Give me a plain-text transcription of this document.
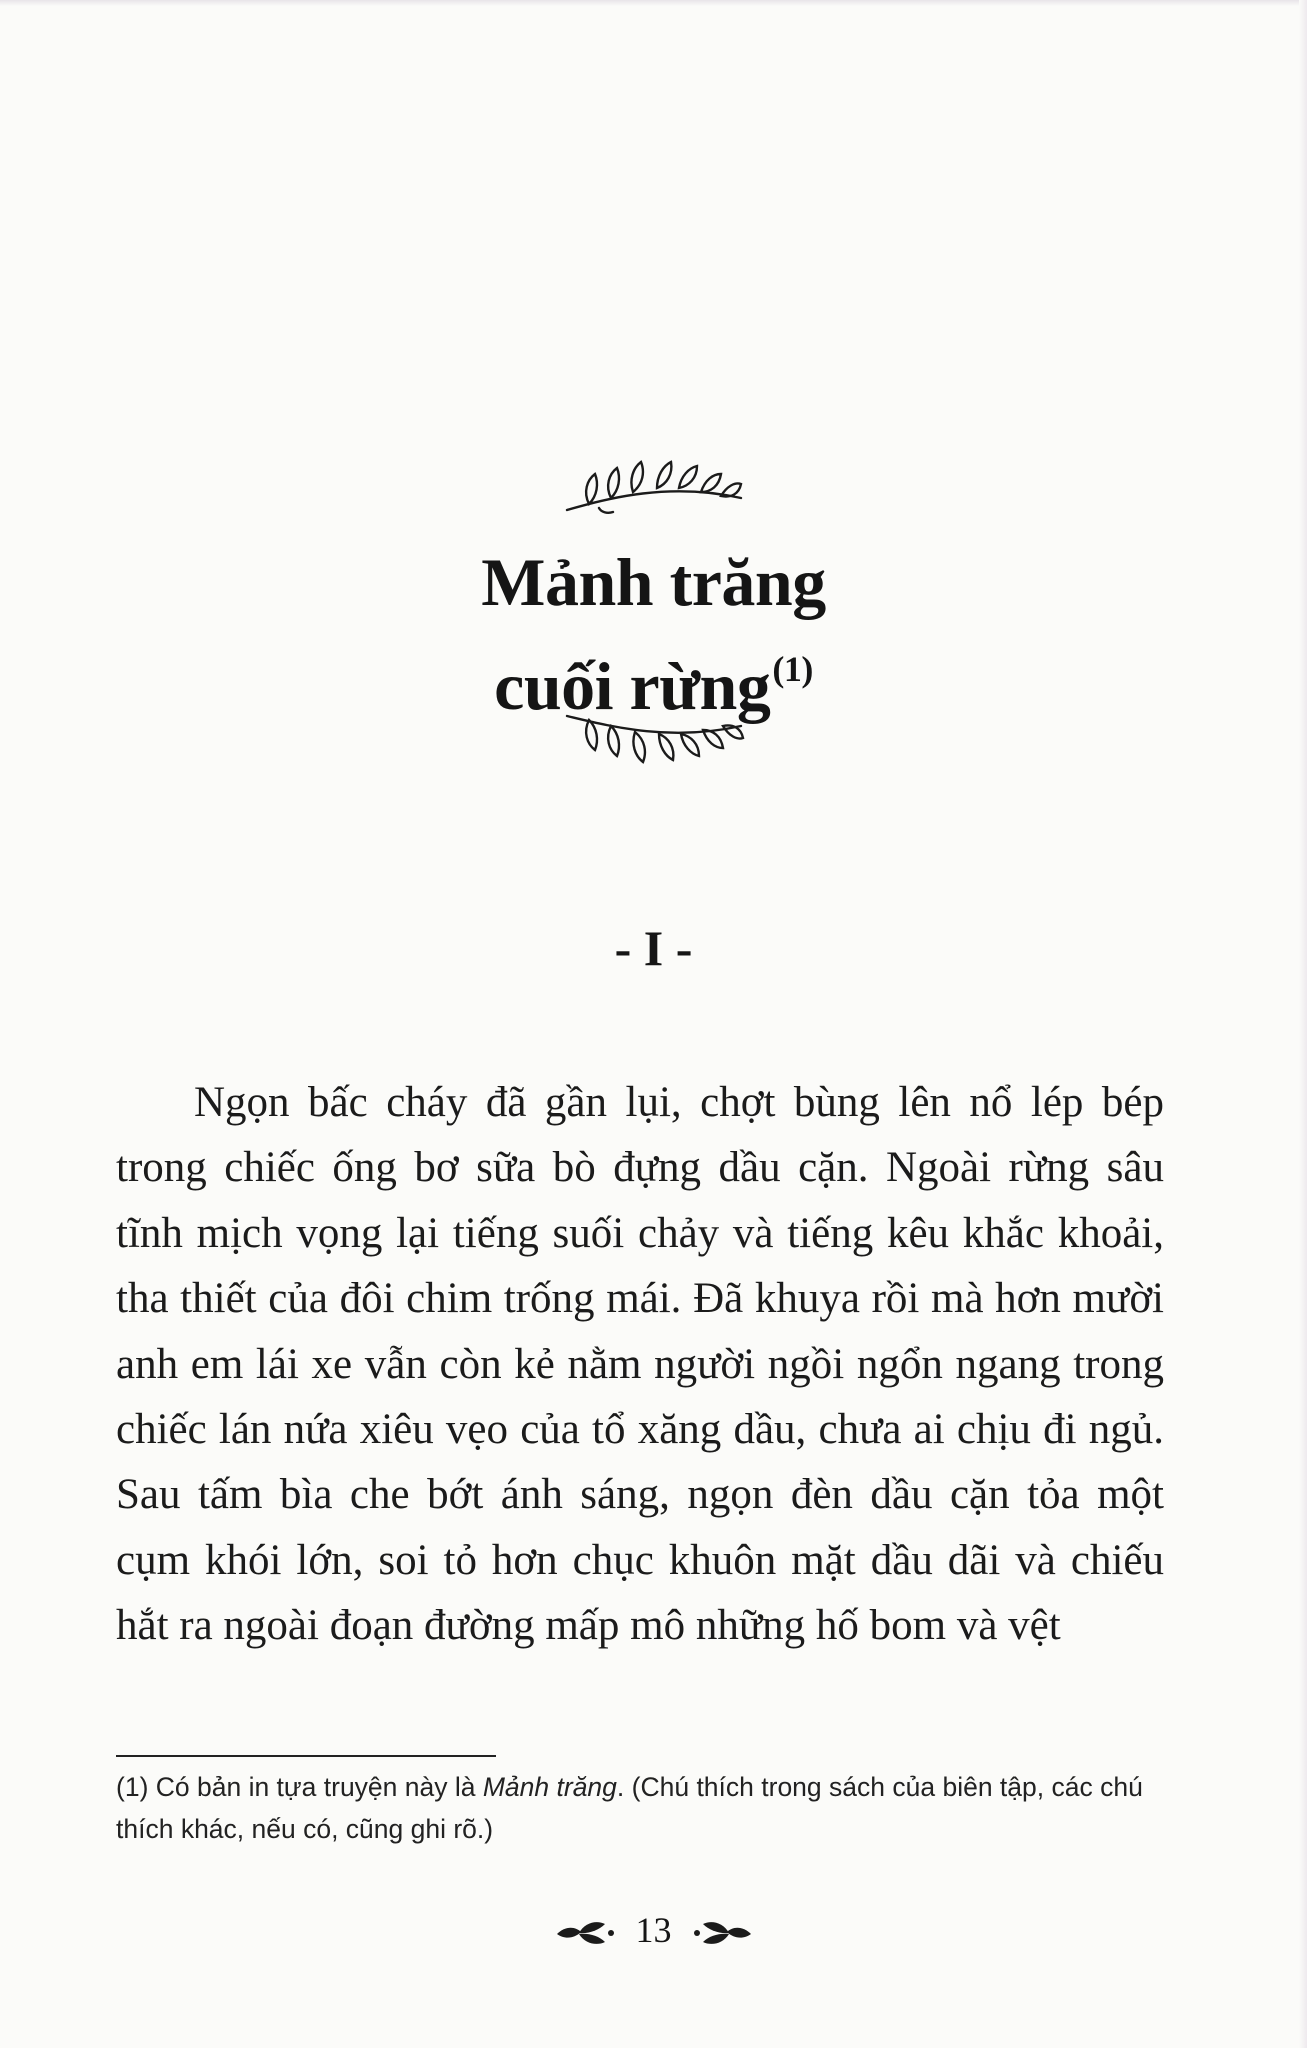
Mảnh trăng
cuối rừng$^{(1)}$
- I -

Ngọn bấc cháy đã gần lụi, chợt bùng lên nổ lép bép trong chiếc ống bơ sữa bò đựng dầu cặn. Ngoài rừng sâu tĩnh mịch vọng lại tiếng suối chảy và tiếng kêu khắc khoải, tha thiết của đôi chim trống mái. Đã khuya rồi mà hơn mười anh em lái xe vẫn còn kẻ nằm người ngồi ngổn ngang trong chiếc lán nứa xiêu vẹo của tổ xăng dầu, chưa ai chịu đi ngủ. Sau tấm bìa che bớt ánh sáng, ngọn đèn dầu cặn tỏa một cụm khói lớn, soi tỏ hơn chục khuôn mặt dầu dãi và chiếu hắt ra ngoài đoạn đường mấp mô những hố bom và vệt

(1) Có bản in tựa truyện này là Mảnh trăng. (Chú thích trong sách của biên tập, các chú thích khác, nếu có, cũng ghi rõ.)

13
